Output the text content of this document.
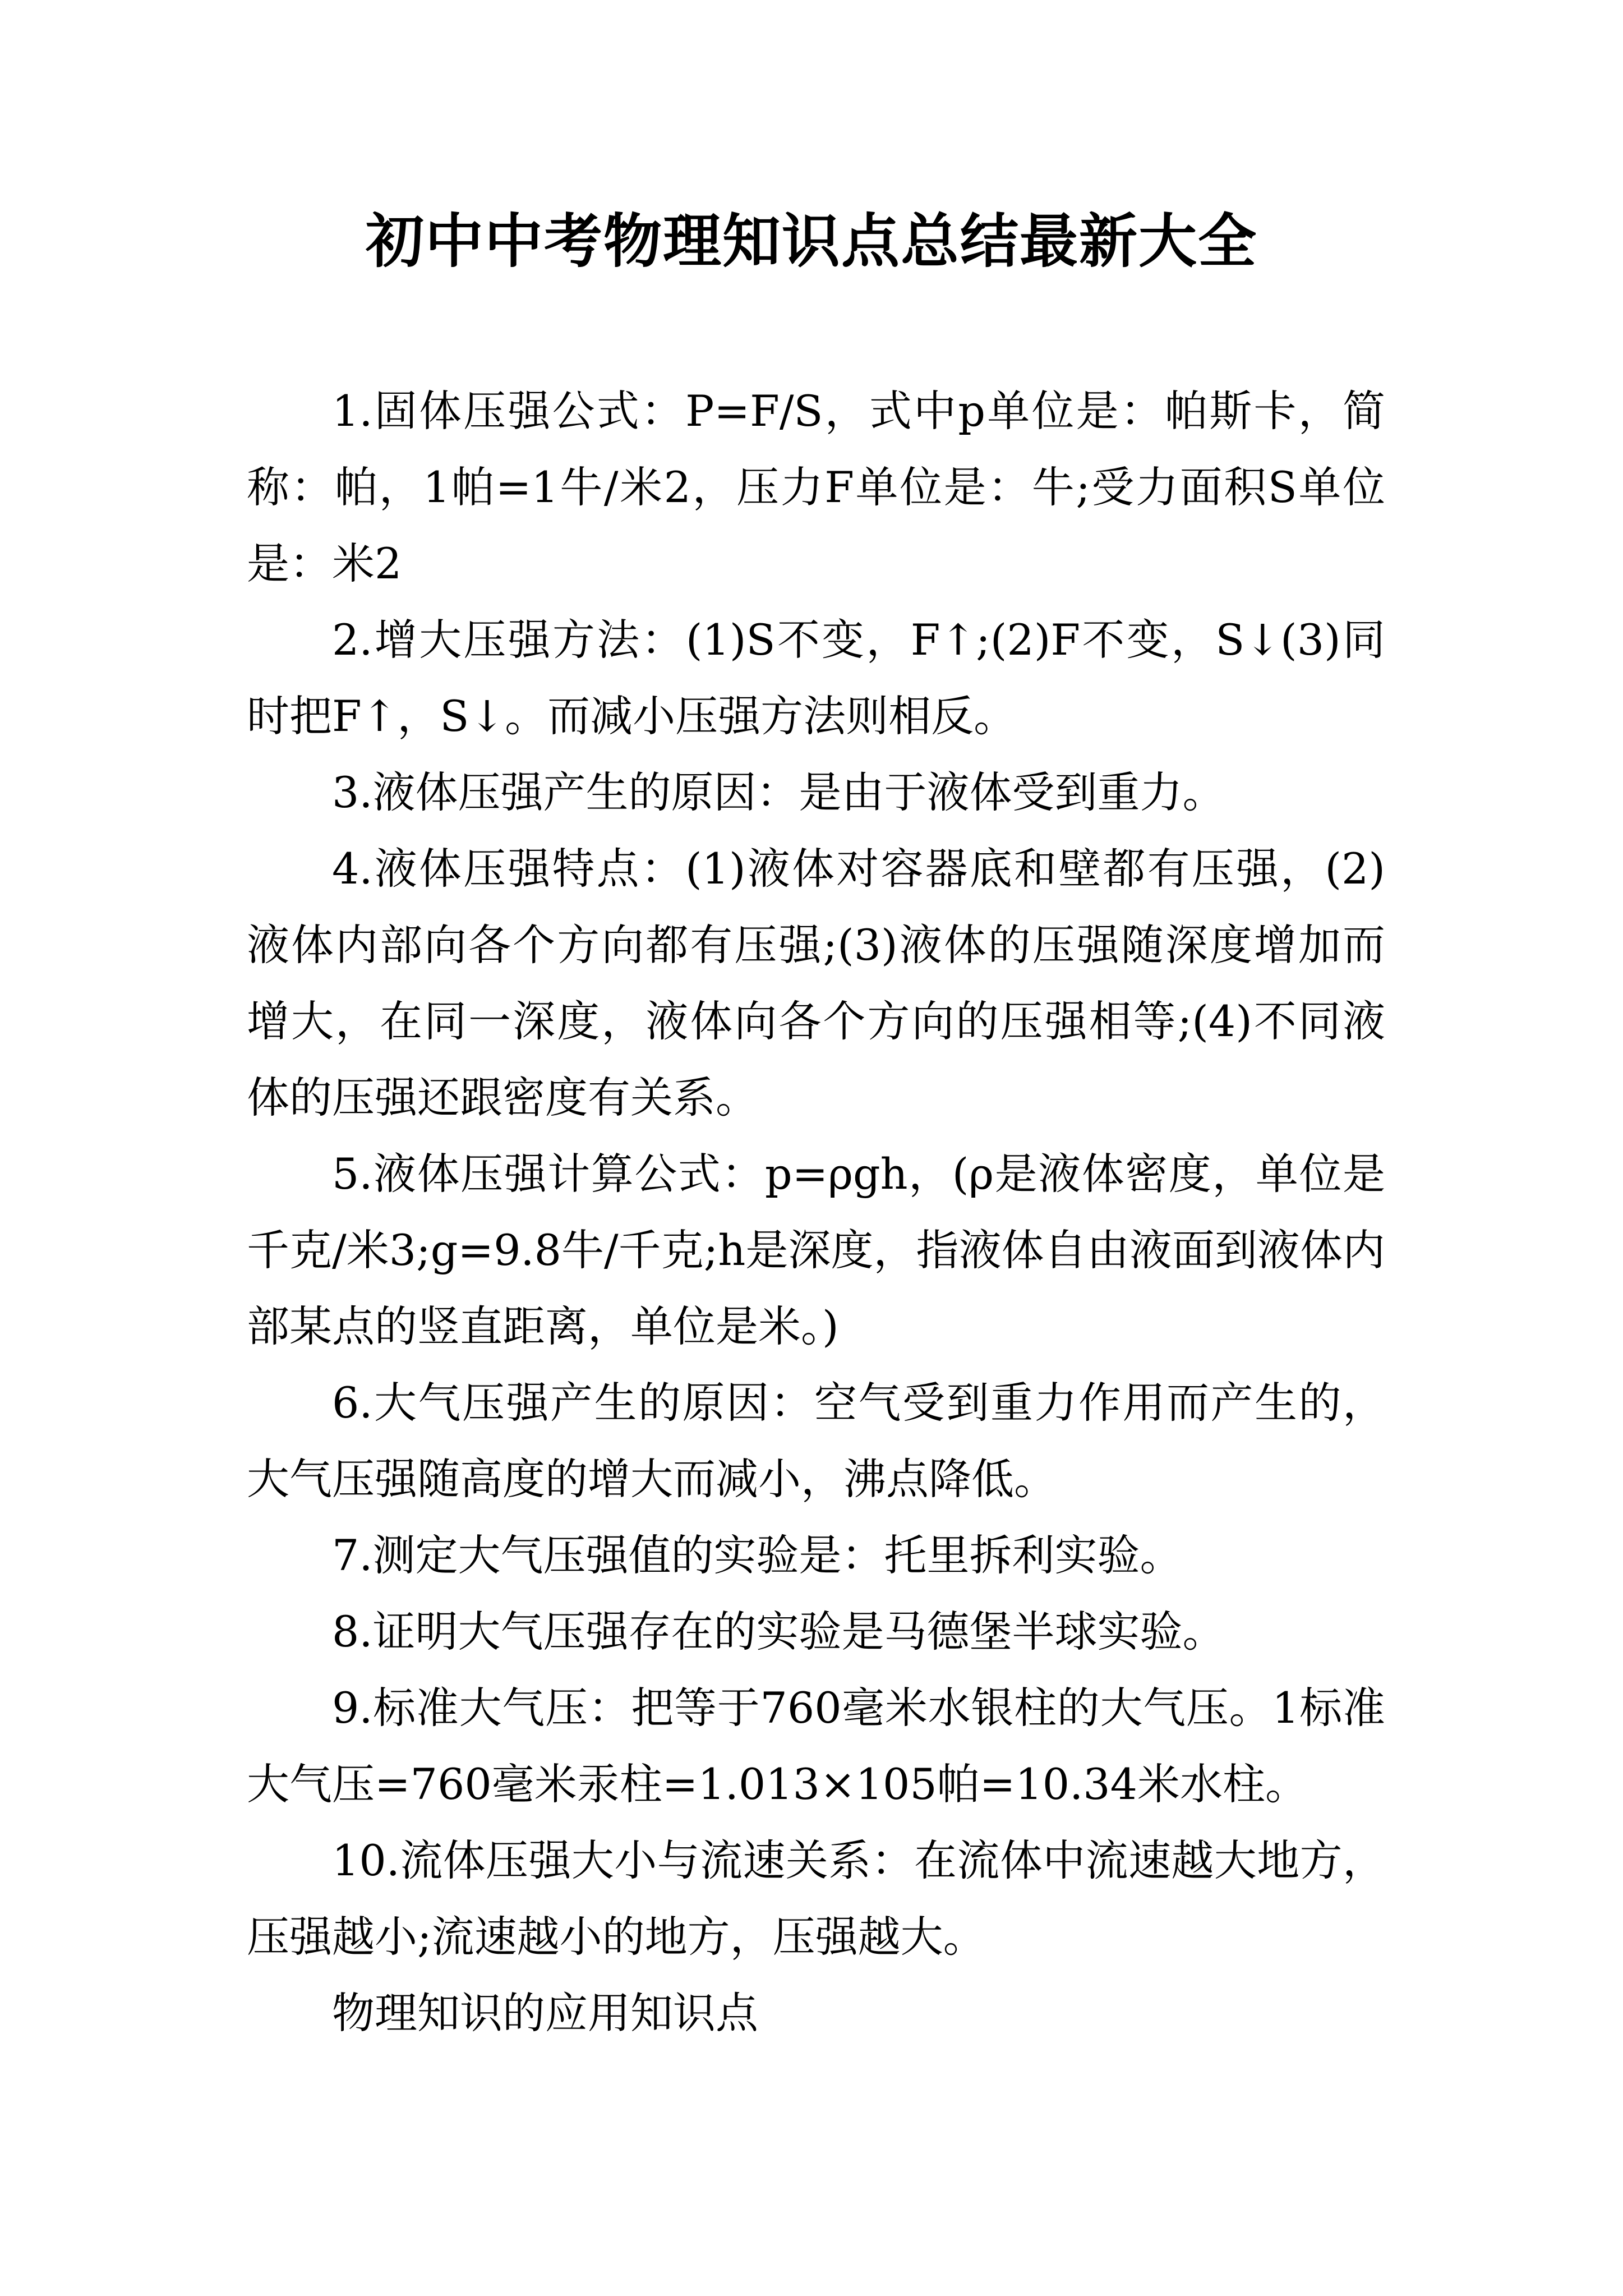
初中中考物理知识点总结最新大全

1.固体压强公式：P=F/S，式中p单位是：帕斯卡，简称：帕，1帕=1牛/米2，压力F单位是：牛;受力面积S单位是：米2

2.增大压强方法：(1)S不变，F↑;(2)F不变，S↓(3)同时把F↑，S↓。而减小压强方法则相反。

3.液体压强产生的原因：是由于液体受到重力。

4.液体压强特点：(1)液体对容器底和壁都有压强，(2)液体内部向各个方向都有压强;(3)液体的压强随深度增加而增大，在同一深度，液体向各个方向的压强相等;(4)不同液体的压强还跟密度有关系。

5.液体压强计算公式：p=ρgh，(ρ是液体密度，单位是千克/米3;g=9.8牛/千克;h是深度，指液体自由液面到液体内部某点的竖直距离，单位是米。)

6.大气压强产生的原因：空气受到重力作用而产生的，大气压强随高度的增大而减小，沸点降低。

7.测定大气压强值的实验是：托里拆利实验。

8.证明大气压强存在的实验是马德堡半球实验。

9.标准大气压：把等于760毫米水银柱的大气压。1标准大气压=760毫米汞柱=1.013×105帕=10.34米水柱。

10.流体压强大小与流速关系：在流体中流速越大地方，压强越小;流速越小的地方，压强越大。

物理知识的应用知识点
